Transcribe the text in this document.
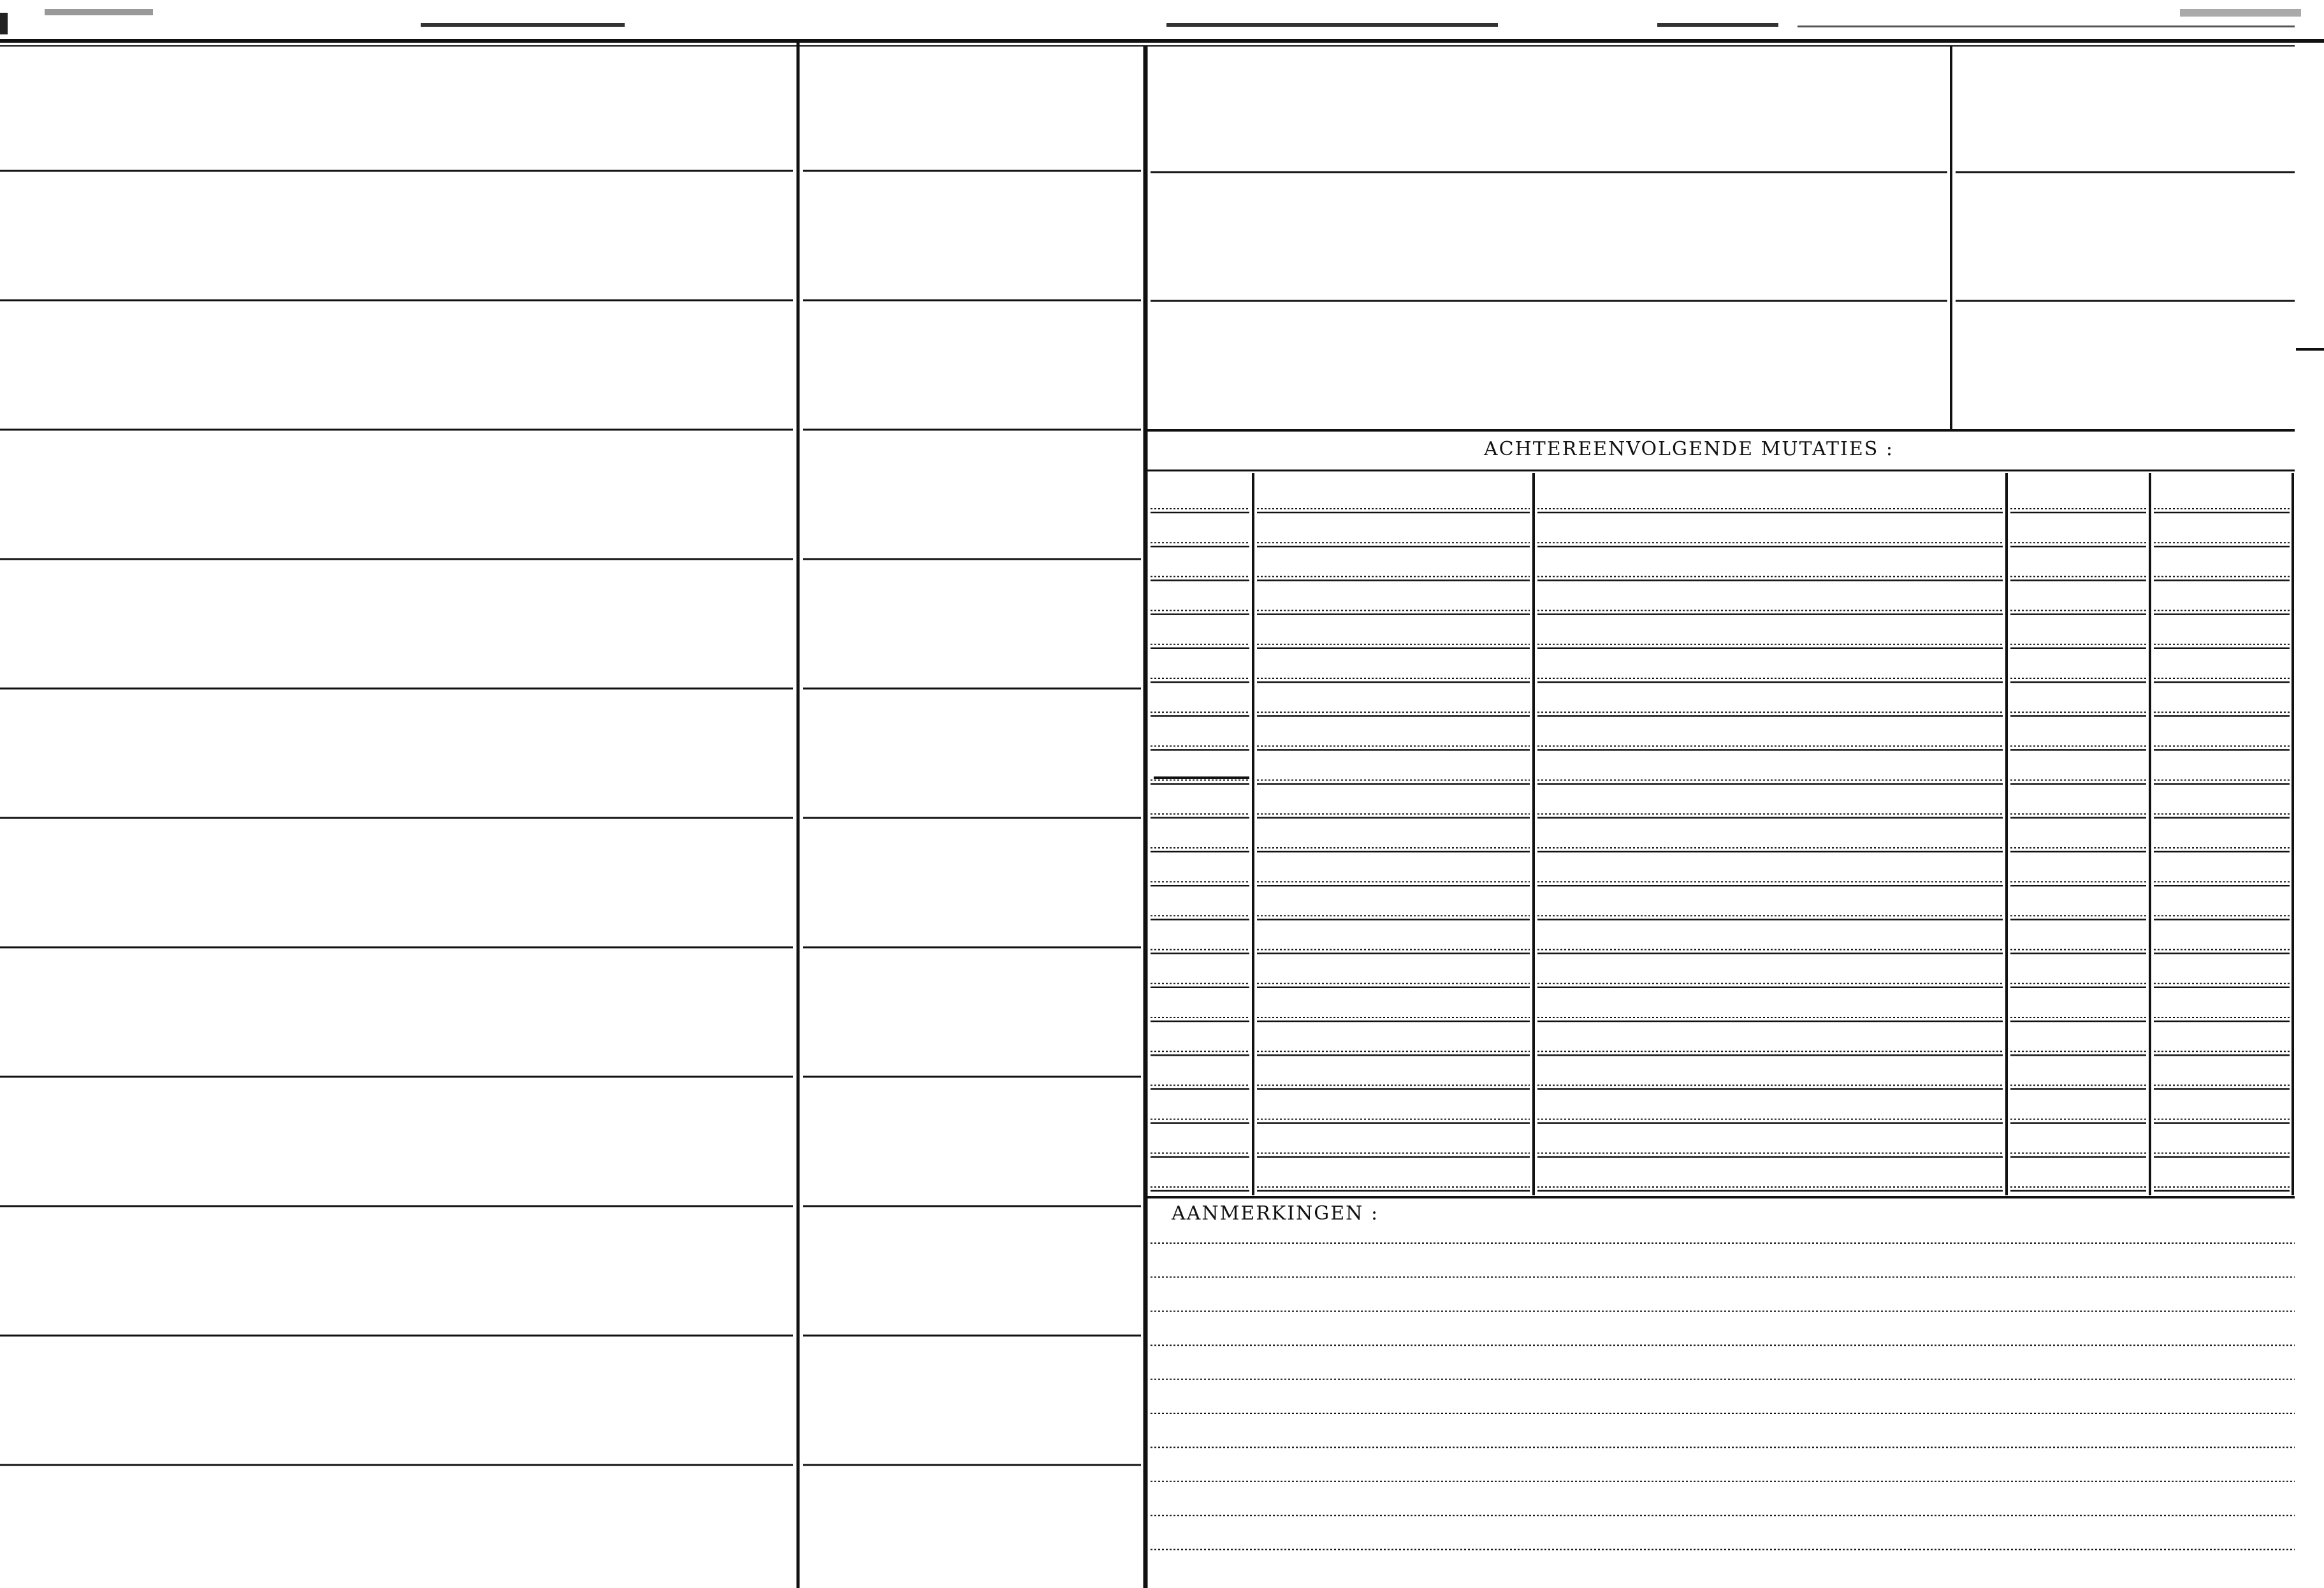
ACHTEREENVOLGENDE MUTATIES :
AANMERKINGEN :
